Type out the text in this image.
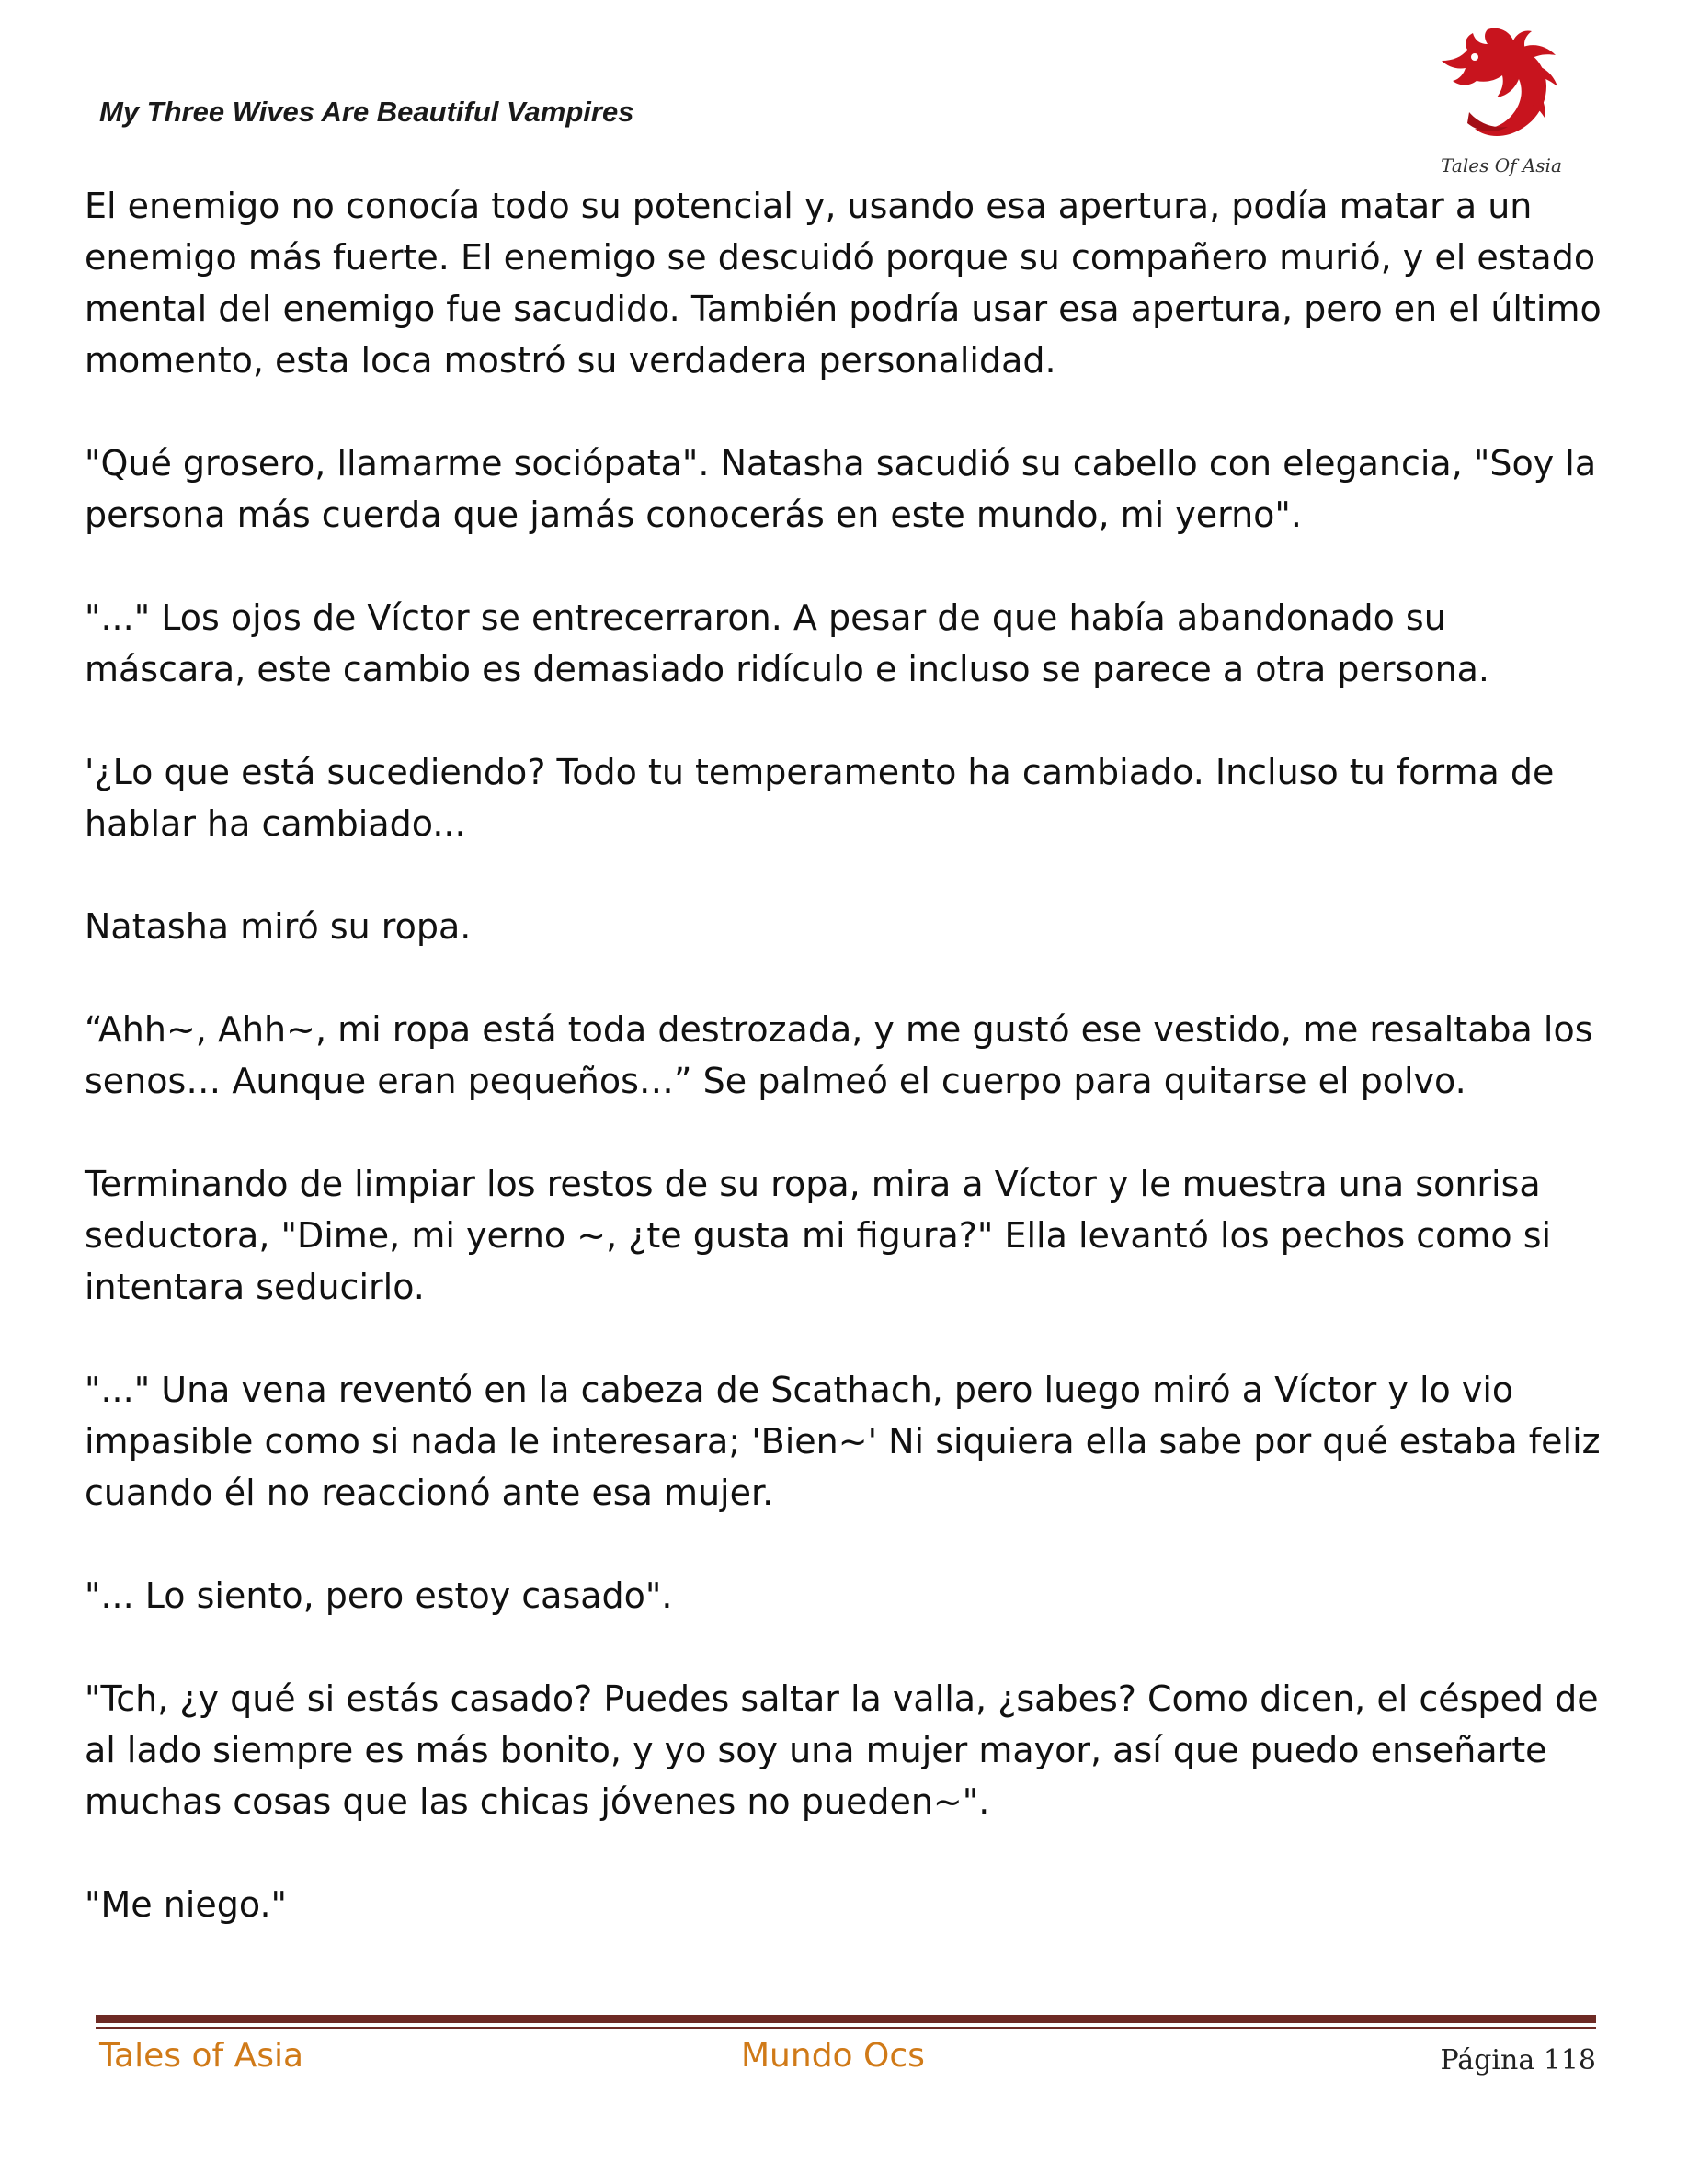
My Three Wives Are Beautiful Vampires
Tales Of Asia

El enemigo no conocía todo su potencial y, usando esa apertura, podía matar a un enemigo más fuerte. El enemigo se descuidó porque su compañero murió, y el estado mental del enemigo fue sacudido. También podría usar esa apertura, pero en el último momento, esta loca mostró su verdadera personalidad.

"Qué grosero, llamarme sociópata". Natasha sacudió su cabello con elegancia, "Soy la persona más cuerda que jamás conocerás en este mundo, mi yerno".

"..." Los ojos de Víctor se entrecerraron. A pesar de que había abandonado su máscara, este cambio es demasiado ridículo e incluso se parece a otra persona.

'¿Lo que está sucediendo? Todo tu temperamento ha cambiado. Incluso tu forma de hablar ha cambiado...

Natasha miró su ropa.

“Ahh~, Ahh~, mi ropa está toda destrozada, y me gustó ese vestido, me resaltaba los senos… Aunque eran pequeños…” Se palmeó el cuerpo para quitarse el polvo.

Terminando de limpiar los restos de su ropa, mira a Víctor y le muestra una sonrisa seductora, "Dime, mi yerno ~, ¿te gusta mi figura?" Ella levantó los pechos como si intentara seducirlo.

"..." Una vena reventó en la cabeza de Scathach, pero luego miró a Víctor y lo vio impasible como si nada le interesara; 'Bien~' Ni siquiera ella sabe por qué estaba feliz cuando él no reaccionó ante esa mujer.

"... Lo siento, pero estoy casado".

"Tch, ¿y qué si estás casado? Puedes saltar la valla, ¿sabes? Como dicen, el césped de al lado siempre es más bonito, y yo soy una mujer mayor, así que puedo enseñarte muchas cosas que las chicas jóvenes no pueden~".

"Me niego."

Tales of Asia	Mundo Ocs	Página 118
